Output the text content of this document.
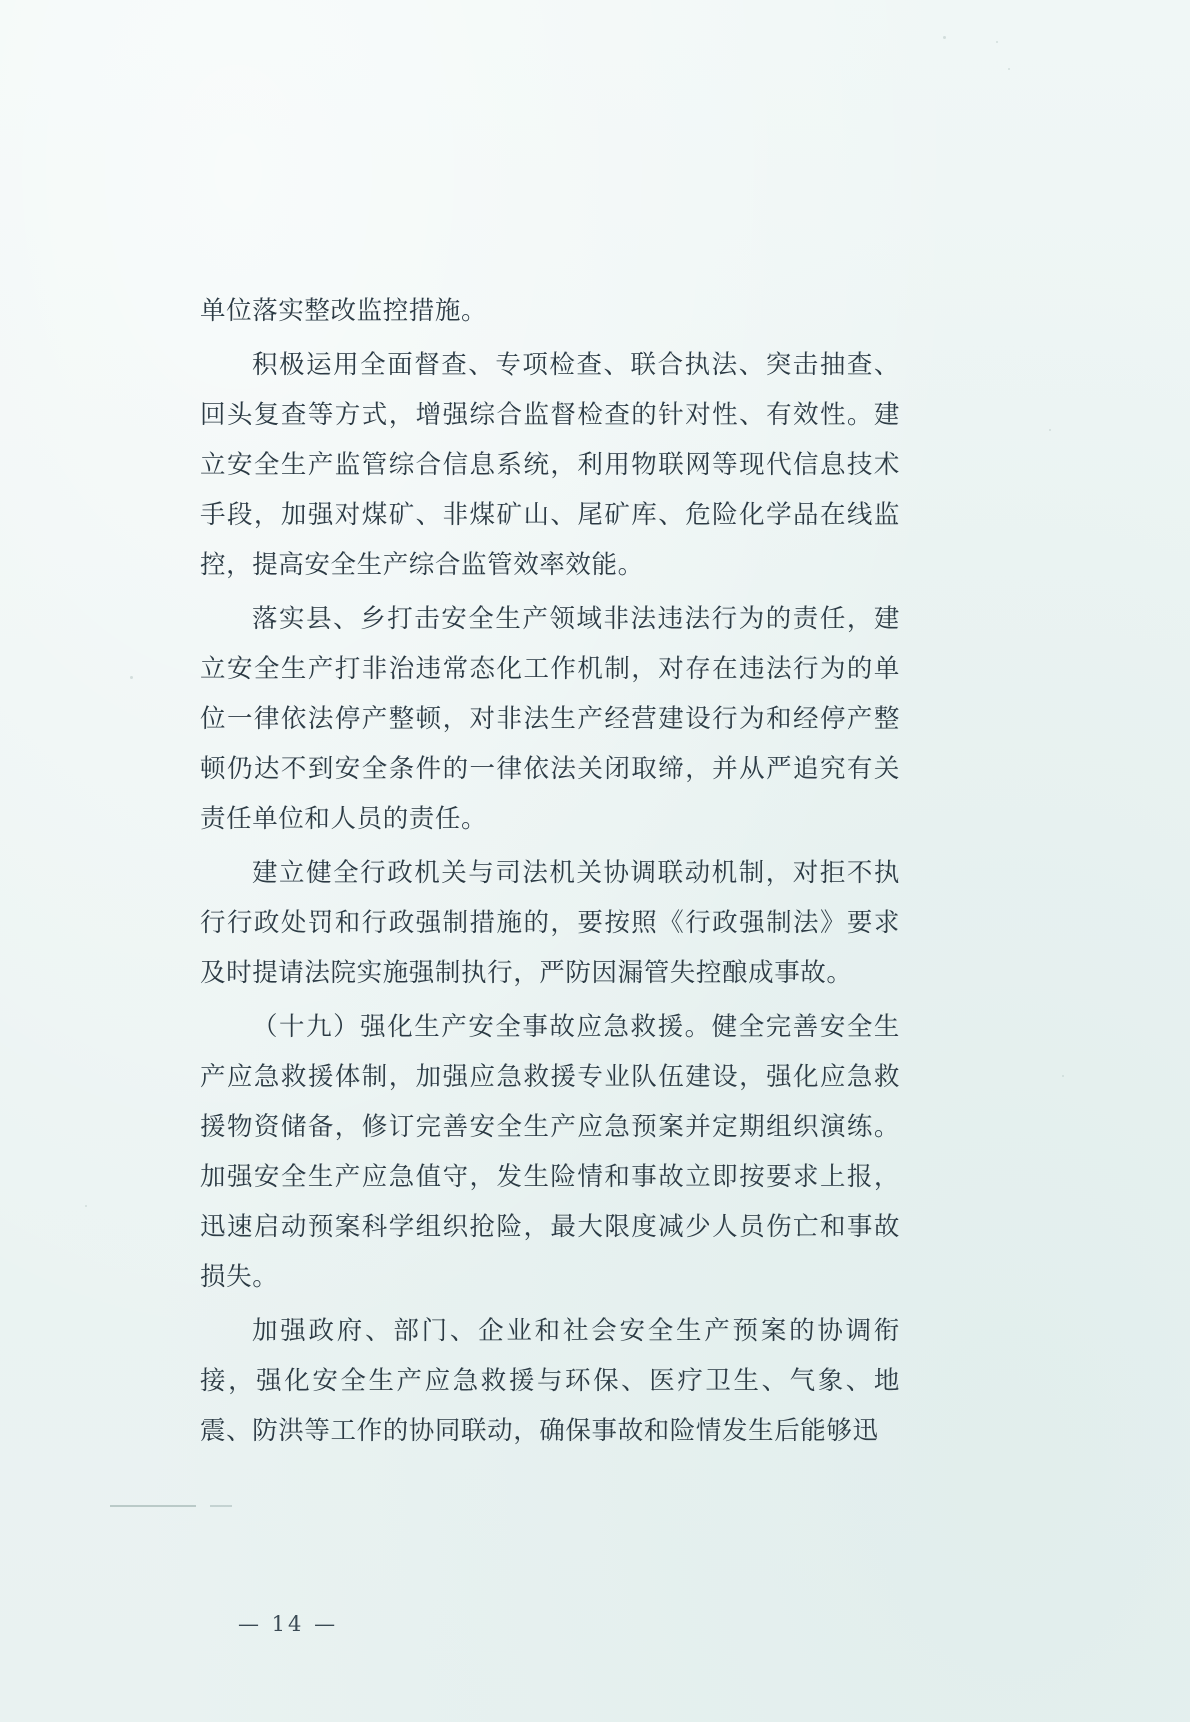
单位落实整改监控措施。

积极运用全面督查、专项检查、联合执法、突击抽查、回头复查等方式，增强综合监督检查的针对性、有效性。建立安全生产监管综合信息系统，利用物联网等现代信息技术手段，加强对煤矿、非煤矿山、尾矿库、危险化学品在线监控，提高安全生产综合监管效率效能。

落实县、乡打击安全生产领域非法违法行为的责任，建立安全生产打非治违常态化工作机制，对存在违法行为的单位一律依法停产整顿，对非法生产经营建设行为和经停产整顿仍达不到安全条件的一律依法关闭取缔，并从严追究有关责任单位和人员的责任。

建立健全行政机关与司法机关协调联动机制，对拒不执行行政处罚和行政强制措施的，要按照《行政强制法》要求及时提请法院实施强制执行，严防因漏管失控酿成事故。

（十九）强化生产安全事故应急救援。健全完善安全生产应急救援体制，加强应急救援专业队伍建设，强化应急救援物资储备，修订完善安全生产应急预案并定期组织演练。加强安全生产应急值守，发生险情和事故立即按要求上报，迅速启动预案科学组织抢险，最大限度减少人员伤亡和事故损失。

加强政府、部门、企业和社会安全生产预案的协调衔接，强化安全生产应急救援与环保、医疗卫生、气象、地震、防洪等工作的协同联动，确保事故和险情发生后能够迅

— 14 —
